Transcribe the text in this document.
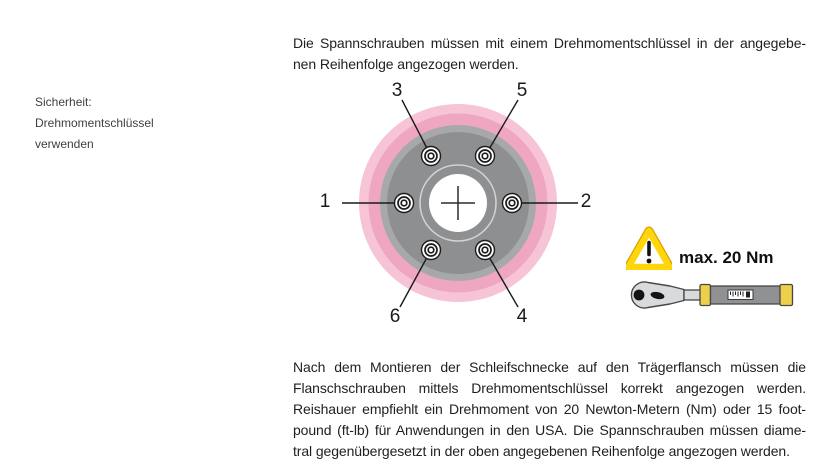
Sicherheit:
Drehmomentschlüssel
verwenden
Die Spannschrauben müssen mit einem Drehmomentschlüssel in der angegebe-
nen Reihenfolge angezogen werden.
1	2
3
4
5
6
max. 20 Nm
Nach dem Montieren der Schleifschnecke auf den Trägerflansch müssen die
Flanschschrauben mittels Drehmomentschlüssel korrekt angezogen werden.
Reishauer empfiehlt ein Drehmoment von 20 Newton-Metern (Nm) oder 15 foot-
pound (ft-lb) für Anwendungen in den USA. Die Spannschrauben müssen diame-
tral gegenübergesetzt in der oben angegebenen Reihenfolge angezogen werden.
